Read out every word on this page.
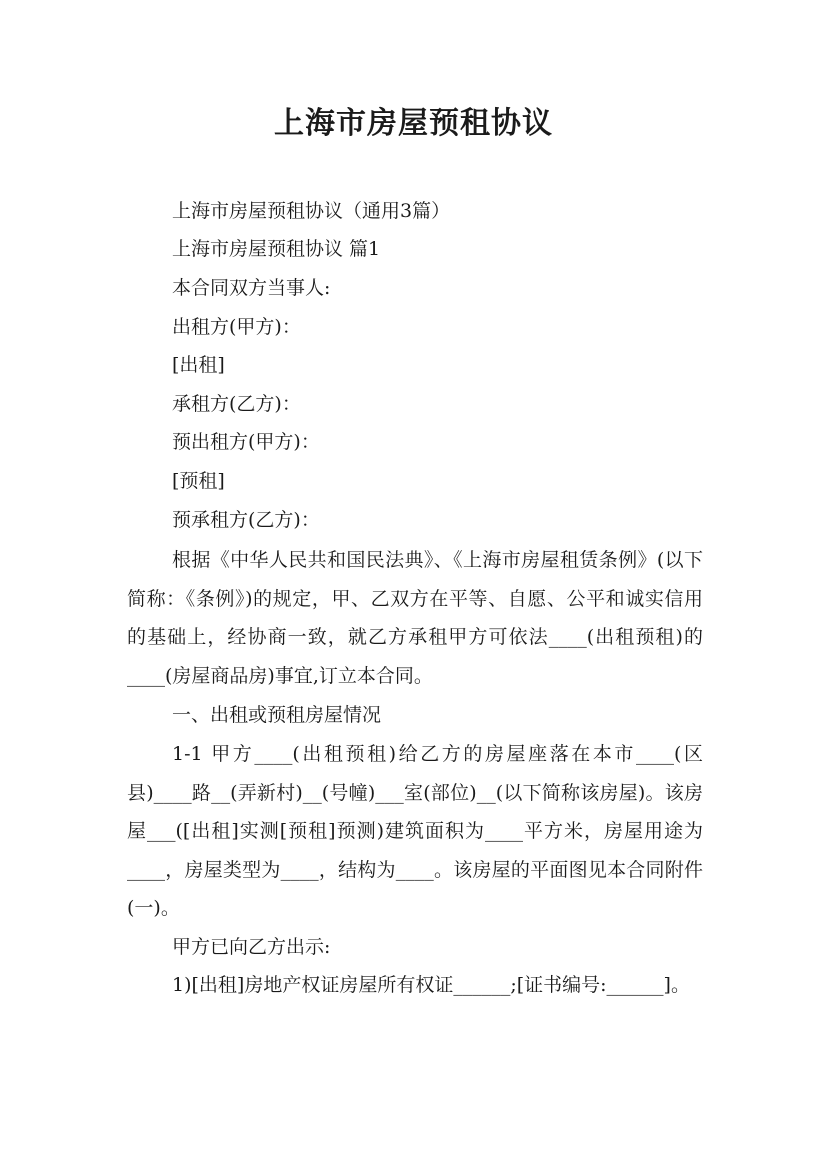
上海市房屋预租协议
上海市房屋预租协议（通用3篇）
上海市房屋预租协议 篇1
本合同双方当事人:
出租方(甲方)：
[出租]
承租方(乙方)：
预出租方(甲方)：
[预租]
预承租方(乙方)：

根据《中华人民共和国民法典》、《上海市房屋租赁条例》(以下简称：《条例》)的规定，甲、乙双方在平等、自愿、公平和诚实信用的基础上，经协商一致，就乙方承租甲方可依法____(出租预租)的____(房屋商品房)事宜,订立本合同。

一、出租或预租房屋情况

1-1 甲方____(出租预租)给乙方的房屋座落在本市____(区县)____路__(弄新村)__(号幢)___室(部位)__(以下简称该房屋)。该房屋___([出租]实测[预租]预测)建筑面积为____平方米，房屋用途为____，房屋类型为____，结构为____。该房屋的平面图见本合同附件(一)。

甲方已向乙方出示:

1)[出租]房地产权证房屋所有权证______;[证书编号:______]。
